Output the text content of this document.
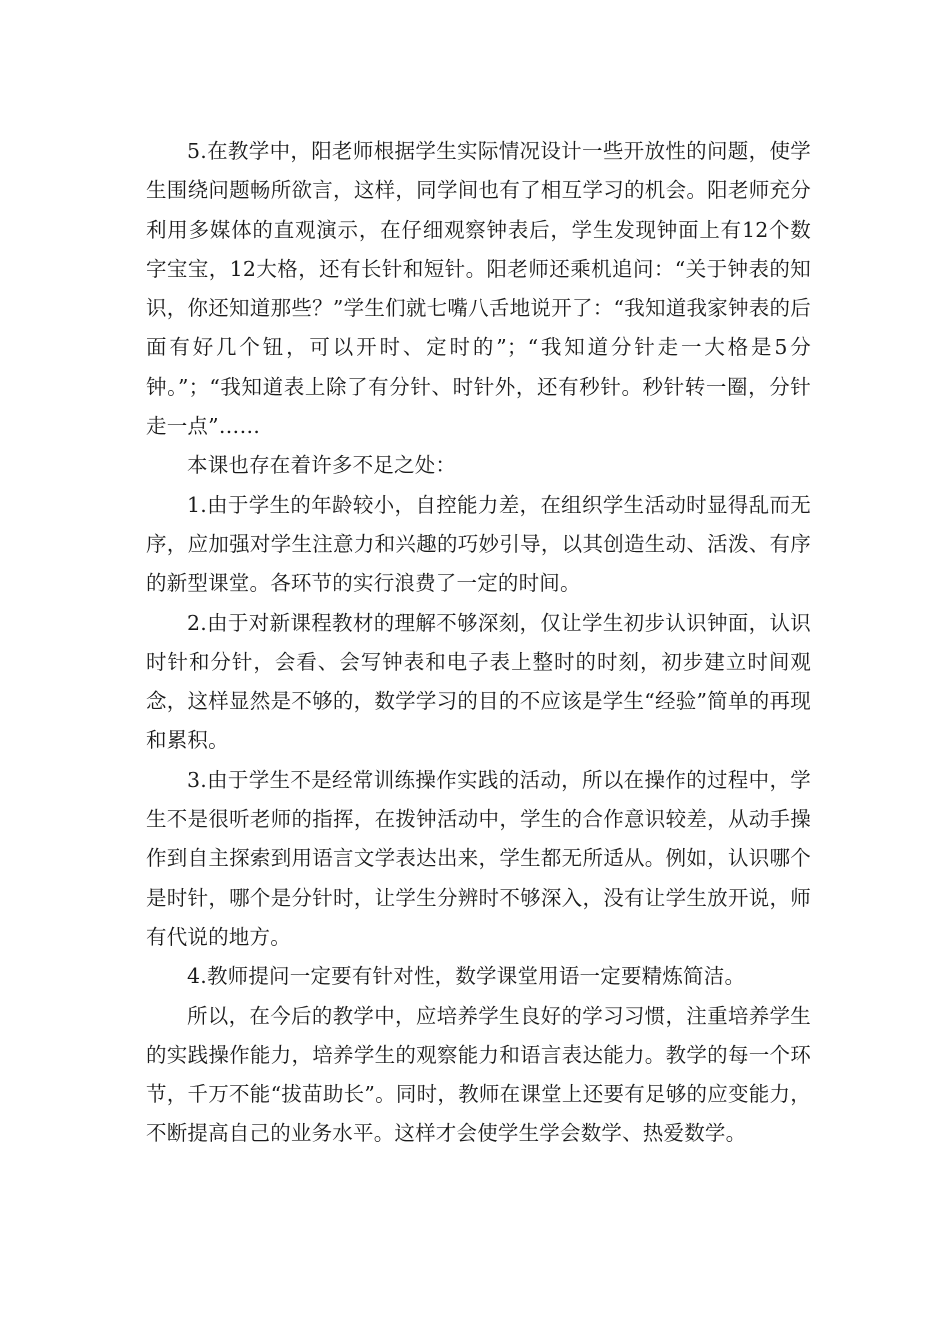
5.在教学中，阳老师根据学生实际情况设计一些开放性的问题，使学生围绕问题畅所欲言，这样，同学间也有了相互学习的机会。阳老师充分利用多媒体的直观演示，在仔细观察钟表后，学生发现钟面上有12个数字宝宝，12大格，还有长针和短针。阳老师还乘机追问：“关于钟表的知识，你还知道那些？”学生们就七嘴八舌地说开了：“我知道我家钟表的后面有好几个钮，可以开时、定时的”；“我知道分针走一大格是5分钟。”；“我知道表上除了有分针、时针外，还有秒针。秒针转一圈，分针走一点”……

本课也存在着许多不足之处：

1.由于学生的年龄较小，自控能力差，在组织学生活动时显得乱而无序，应加强对学生注意力和兴趣的巧妙引导，以其创造生动、活泼、有序的新型课堂。各环节的实行浪费了一定的时间。

2.由于对新课程教材的理解不够深刻，仅让学生初步认识钟面，认识时针和分针，会看、会写钟表和电子表上整时的时刻，初步建立时间观念，这样显然是不够的，数学学习的目的不应该是学生“经验”简单的再现和累积。

3.由于学生不是经常训练操作实践的活动，所以在操作的过程中，学生不是很听老师的指挥，在拨钟活动中，学生的合作意识较差，从动手操作到自主探索到用语言文学表达出来，学生都无所适从。例如，认识哪个是时针，哪个是分针时，让学生分辨时不够深入，没有让学生放开说，师有代说的地方。

4.教师提问一定要有针对性，数学课堂用语一定要精炼简洁。

所以，在今后的教学中，应培养学生良好的学习习惯，注重培养学生的实践操作能力，培养学生的观察能力和语言表达能力。教学的每一个环节，千万不能“拔苗助长”。同时，教师在课堂上还要有足够的应变能力，不断提高自己的业务水平。这样才会使学生学会数学、热爱数学。
